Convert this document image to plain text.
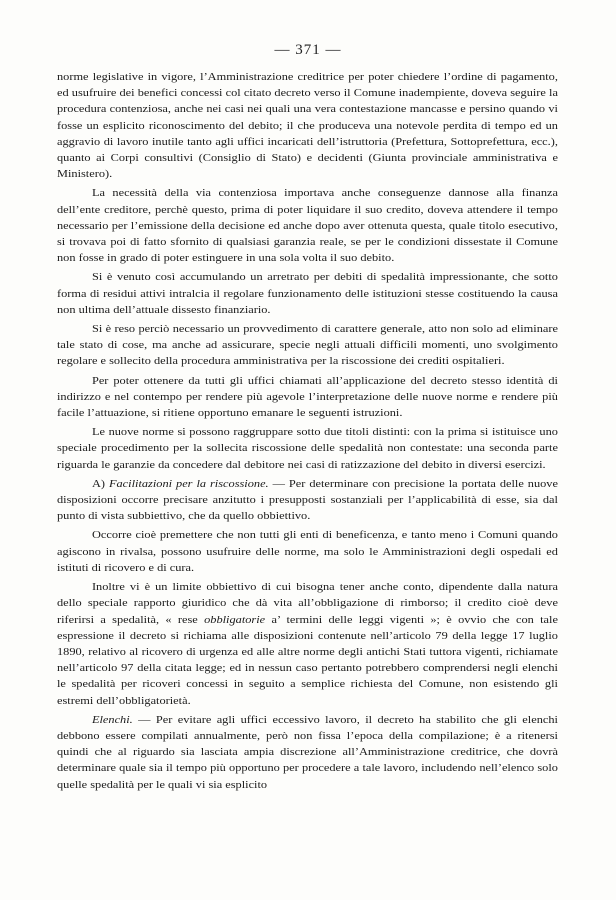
— 371 —

norme legislative in vigore, l’Amministrazione creditrice per poter chiedere l’ordine di pagamento, ed usufruire dei benefici concessi col citato decreto verso il Comune inadempiente, doveva seguire la procedura contenziosa, anche nei casi nei quali una vera contestazione mancasse e persino quando vi fosse un esplicito riconoscimento del debito; il che produceva una notevole perdita di tempo ed un aggravio di lavoro inutile tanto agli uffici incaricati dell’istruttoria (Prefettura, Sottoprefettura, ecc.), quanto ai Corpi consultivi (Consiglio di Stato) e decidenti (Giunta provinciale amministrativa e Ministero).

La necessità della via contenziosa importava anche conseguenze dannose alla finanza dell’ente creditore, perchè questo, prima di poter liquidare il suo credito, doveva attendere il tempo necessario per l’emissione della decisione ed anche dopo aver ottenuta questa, quale titolo esecutivo, si trovava poi di fatto sfornito di qualsiasi garanzia reale, se per le condizioni dissestate il Comune non fosse in grado di poter estinguere in una sola volta il suo debito.

Si è venuto così accumulando un arretrato per debiti di spedalità impressionante, che sotto forma di residui attivi intralcia il regolare funzionamento delle istituzioni stesse costituendo la causa non ultima dell’attuale dissesto finanziario.

Si è reso perciò necessario un provvedimento di carattere generale, atto non solo ad eliminare tale stato di cose, ma anche ad assicurare, specie negli attuali difficili momenti, uno svolgimento regolare e sollecito della procedura amministrativa per la riscossione dei crediti ospitalieri.

Per poter ottenere da tutti gli uffici chiamati all’applicazione del decreto stesso identità di indirizzo e nel contempo per rendere più agevole l’interpretazione delle nuove norme e rendere più facile l’attuazione, si ritiene opportuno emanare le seguenti istruzioni.

Le nuove norme si possono raggruppare sotto due titoli distinti: con la prima si istituisce uno speciale procedimento per la sollecita riscossione delle spedalità non contestate: una seconda parte riguarda le garanzie da concedere dal debitore nei casi di ratizzazione del debito in diversi esercizi.

A) Facilitazioni per la riscossione. — Per determinare con precisione la portata delle nuove disposizioni occorre precisare anzitutto i presupposti sostanziali per l’applicabilità di esse, sia dal punto di vista subbiettivo, che da quello obbiettivo.

Occorre cioè premettere che non tutti gli enti di beneficenza, e tanto meno i Comuni quando agiscono in rivalsa, possono usufruire delle norme, ma solo le Amministrazioni degli ospedali ed istituti di ricovero e di cura.

Inoltre vi è un limite obbiettivo di cui bisogna tener anche conto, dipendente dalla natura dello speciale rapporto giuridico che dà vita all’obbligazione di rimborso; il credito cioè deve riferirsi a spedalità, « rese obbligatorie a’ termini delle leggi vigenti »; è ovvio che con tale espressione il decreto si richiama alle disposizioni contenute nell’articolo 79 della legge 17 luglio 1890, relativo al ricovero di urgenza ed alle altre norme degli antichi Stati tuttora vigenti, richiamate nell’articolo 97 della citata legge; ed in nessun caso pertanto potrebbero comprendersi negli elenchi le spedalità per ricoveri concessi in seguito a semplice richiesta del Comune, non esistendo gli estremi dell’obbligatorietà.

Elenchi. — Per evitare agli uffici eccessivo lavoro, il decreto ha stabilito che gli elenchi debbono essere compilati annualmente, però non fissa l’epoca della compilazione; è a ritenersi quindi che al riguardo sia lasciata ampia discrezione all’Amministrazione creditrice, che dovrà determinare quale sia il tempo più opportuno per procedere a tale lavoro, includendo nell’elenco solo quelle spedalità per le quali vi sia esplicito
